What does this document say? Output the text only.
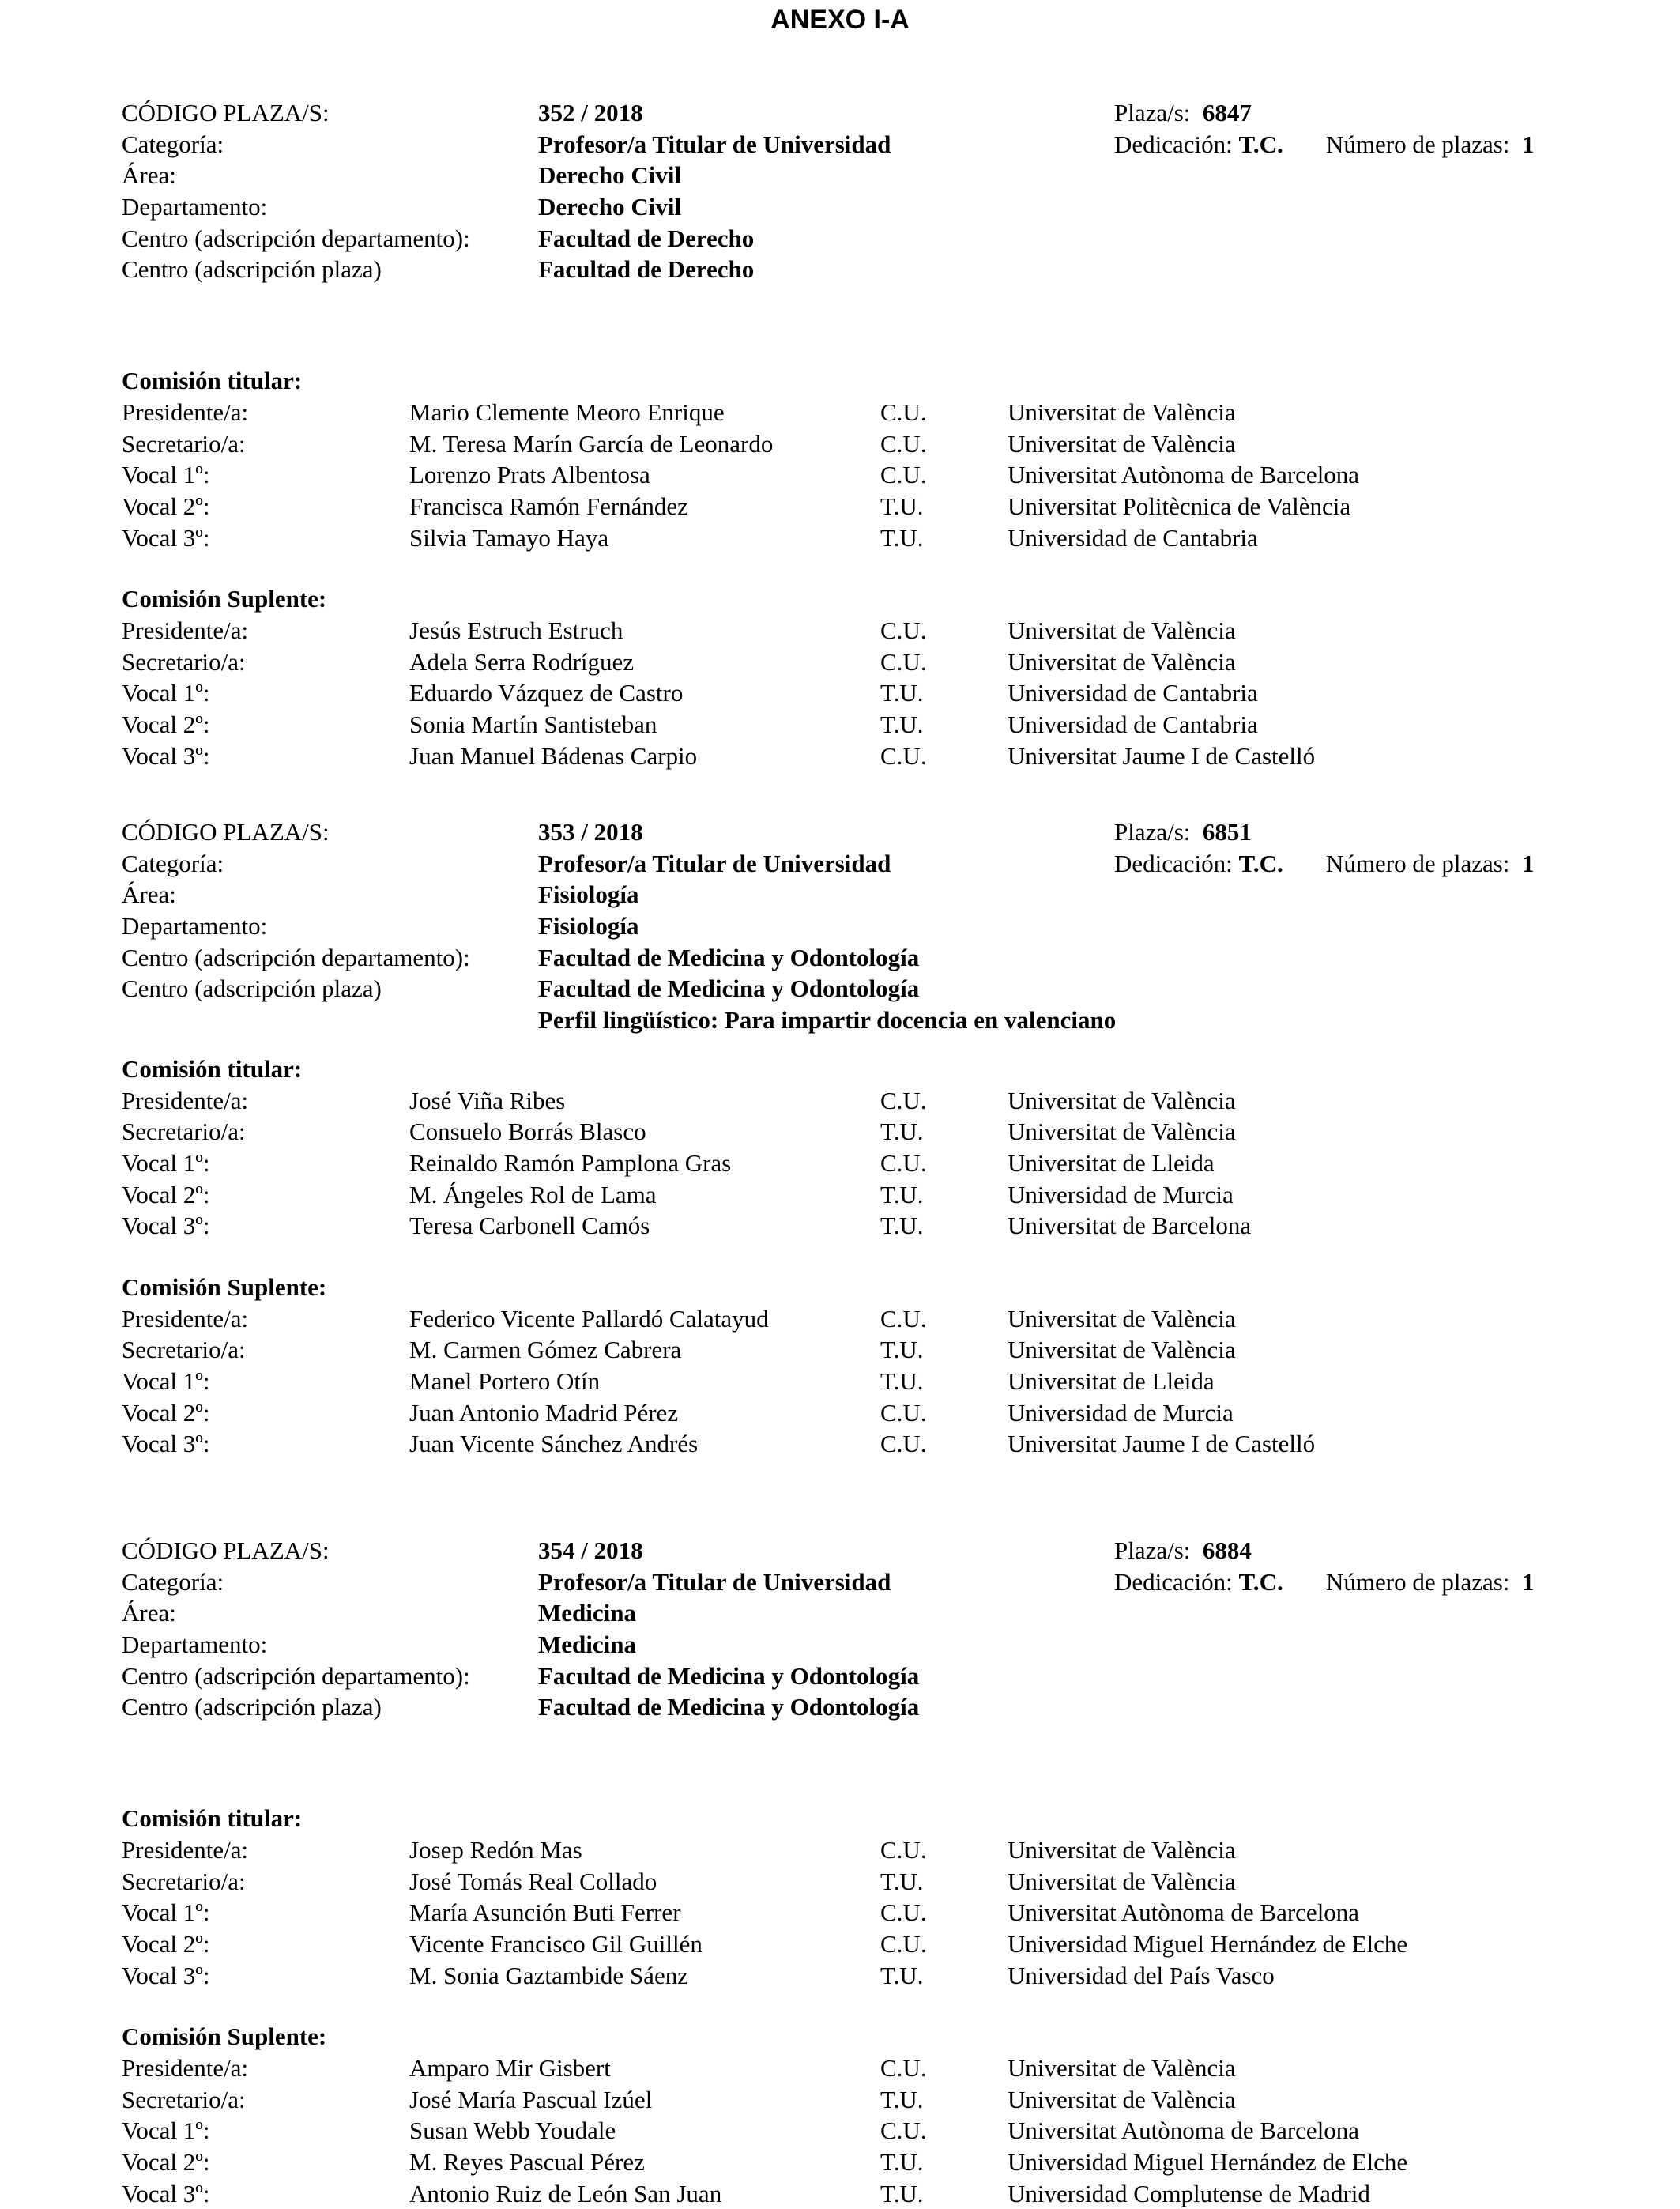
ANEXO I-A
CÓDIGO PLAZA/S:	352 / 2018	Plaza/s: 6847
Categoría:	Profesor/a Titular de Universidad	Dedicación: T.C. Número de plazas: 1
Área:	Derecho Civil
Departamento:	Derecho Civil
Centro (adscripción departamento):	Facultad de Derecho
Centro (adscripción plaza)	Facultad de Derecho
Comisión titular:
Presidente/a:	Mario Clemente Meoro Enrique	C.U.	Universitat de València
Secretario/a:	M. Teresa Marín García de Leonardo	C.U.	Universitat de València
Vocal 1º:	Lorenzo Prats Albentosa	C.U.	Universitat Autònoma de Barcelona
Vocal 2º:	Francisca Ramón Fernández	T.U.	Universitat Politècnica de València
Vocal 3º:	Silvia Tamayo Haya	T.U.	Universidad de Cantabria
Comisión Suplente:
Presidente/a:	Jesús Estruch Estruch	C.U.	Universitat de València
Secretario/a:	Adela Serra Rodríguez	C.U.	Universitat de València
Vocal 1º:	Eduardo Vázquez de Castro	T.U.	Universidad de Cantabria
Vocal 2º:	Sonia Martín Santisteban	T.U.	Universidad de Cantabria
Vocal 3º:	Juan Manuel Bádenas Carpio	C.U.	Universitat Jaume I de Castelló
CÓDIGO PLAZA/S:	353 / 2018	Plaza/s: 6851
Categoría:	Profesor/a Titular de Universidad	Dedicación: T.C. Número de plazas: 1
Área:	Fisiología
Departamento:	Fisiología
Centro (adscripción departamento):	Facultad de Medicina y Odontología
Centro (adscripción plaza)	Facultad de Medicina y Odontología
Perfil lingüístico: Para impartir docencia en valenciano
Comisión titular:
Presidente/a:	José Viña Ribes	C.U.	Universitat de València
Secretario/a:	Consuelo Borrás Blasco	T.U.	Universitat de València
Vocal 1º:	Reinaldo Ramón Pamplona Gras	C.U.	Universitat de Lleida
Vocal 2º:	M. Ángeles Rol de Lama	T.U.	Universidad de Murcia
Vocal 3º:	Teresa Carbonell Camós	T.U.	Universitat de Barcelona
Comisión Suplente:
Presidente/a:	Federico Vicente Pallardó Calatayud	C.U.	Universitat de València
Secretario/a:	M. Carmen Gómez Cabrera	T.U.	Universitat de València
Vocal 1º:	Manel Portero Otín	T.U.	Universitat de Lleida
Vocal 2º:	Juan Antonio Madrid Pérez	C.U.	Universidad de Murcia
Vocal 3º:	Juan Vicente Sánchez Andrés	C.U.	Universitat Jaume I de Castelló
CÓDIGO PLAZA/S:	354 / 2018	Plaza/s: 6884
Categoría:	Profesor/a Titular de Universidad	Dedicación: T.C. Número de plazas: 1
Área:	Medicina
Departamento:	Medicina
Centro (adscripción departamento):	Facultad de Medicina y Odontología
Centro (adscripción plaza)	Facultad de Medicina y Odontología
Comisión titular:
Presidente/a:	Josep Redón Mas	C.U.	Universitat de València
Secretario/a:	José Tomás Real Collado	T.U.	Universitat de València
Vocal 1º:	María Asunción Buti Ferrer	C.U.	Universitat Autònoma de Barcelona
Vocal 2º:	Vicente Francisco Gil Guillén	C.U.	Universidad Miguel Hernández de Elche
Vocal 3º:	M. Sonia Gaztambide Sáenz	T.U.	Universidad del País Vasco
Comisión Suplente:
Presidente/a:	Amparo Mir Gisbert	C.U.	Universitat de València
Secretario/a:	José María Pascual Izúel	T.U.	Universitat de València
Vocal 1º:	Susan Webb Youdale	C.U.	Universitat Autònoma de Barcelona
Vocal 2º:	M. Reyes Pascual Pérez	T.U.	Universidad Miguel Hernández de Elche
Vocal 3º:	Antonio Ruiz de León San Juan	T.U.	Universidad Complutense de Madrid
